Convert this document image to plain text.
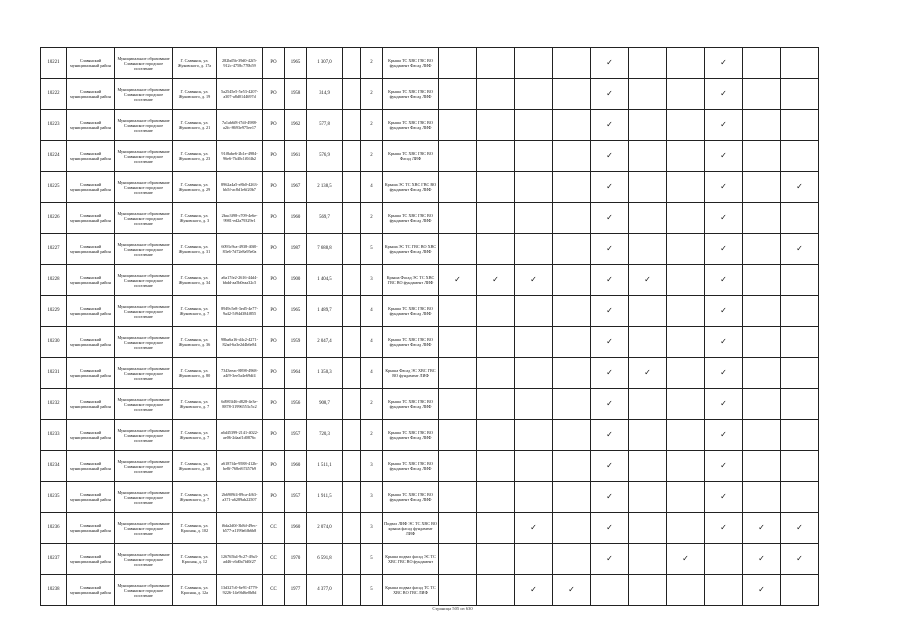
10221	Славянский муниципальный район	Муниципальное образование Славянское городское поселение	Г. Славянск, ул. Жуковского, д. 17а	282bd5b-39d0-42f5-912c-4758c770b59	РО	1965	1 307,0		2	Крыша ТС ХВС ГВС ВО фундамент Фасад ЛИФ					✓			✓		
10222	Славянский муниципальный район	Муниципальное образование Славянское городское поселение	Г. Славянск, ул. Жуковского, д. 19	5a2545e5-5e53-4207-a307-a8d0144697d	РО	1958	314,9		2	Крыша ТС ХВС ГВС ВО фундамент Фасад ЛИФ					✓			✓		
10223	Славянский муниципальный район	Муниципальное образование Славянское городское поселение	Г. Славянск, ул. Жуковского, д. 21	7a1ab6f8-f7df-4988-a2fc-8693e975ee17	РО	1962	577,8		2	Крыша ТС ХВС ГВС ВО фундамент Фасад ЛИФ					✓			✓		
10224	Славянский муниципальный район	Муниципальное образование Славянское городское поселение	Г. Славянск, ул. Жуковского, д. 23	91f8abe6-2b1e-4984-96e6-7b40c1f0f4b2	РО	1961	576,9		2	Крыша ТС ХВС ГВС ВО Фасад ЛИФ					✓			✓		
10225	Славянский муниципальный район	Муниципальное образование Славянское городское поселение	Г. Славянск, ул. Жуковского, д. 29	8962a4a5-e8b0-4263-bb5f-ac8d1e6f20b7	РО	1967	2 138,5		4	Крыша ЭС ТС ХВС ГВС ВО фундамент Фасад ЛИФ					✓			✓		✓
10226	Славянский муниципальный район	Муниципальное образование Славянское городское поселение	Г. Славянск, ул. Жуковского, д. 3	2bac3f98-c709-4e6e-9981-ed2a79329e1	РО	1960	569,7		2	Крыша ТС ХВС ГВС ВО фундамент Фасад ЛИФ					✓			✓		
10227	Славянский муниципальный район	Муниципальное образование Славянское городское поселение	Г. Славянск, ул. Жуковского, д. 31	6093c9ca-4938-40f0-83e6-7d72e8a95e0a	РО	1987	7 688,8		5	Крыша ЭС ТС ГВС ВО ХВС фундамент Фасад ЛИФ					✓			✓		✓
10228	Славянский муниципальный район	Муниципальное образование Славянское городское поселение	Г. Славянск, ул. Жуковского, д. 34	a6a17fe2-2616-44d4-bbdd-aa5b0eaa32c5	РО	1900	1 404,5		3	Крыша Фасад ЭС ТС ХВС ГВС ВО фундамент ЛИФ	✓	✓	✓		✓	✓		✓		
10229	Славянский муниципальный район	Муниципальное образование Славянское городское поселение	Г. Славянск, ул. Жуковского, д. 7	8949c5e8-3ed5-4e77-9a42-5f94d384f855	РО	1965	1 489,7		4	Крыша ТС ХВС ГВС ВО фундамент Фасад ЛИФ					✓			✓		
10230	Славянский муниципальный район	Муниципальное образование Славянское городское поселение	Г. Славянск, ул. Жуковского, д. 36	98ba6a16-d4c2-4271-82ad-6a3e2d4b6e84	РО	1959	2 047,4		4	Крыша ТС ХВС ГВС ВО фундамент Фасад ЛИФ					✓			✓		
10231	Славянский муниципальный район	Муниципальное образование Славянское городское поселение	Г. Славянск, ул. Жуковского, д. 80	7343eeac-8898-4968-a4f9-3ee5a4e69df4	РО	1964	1 350,3		4	Крыша Фасад ЭС ХВС ГВС ВО фундамент ЛИФ					✓	✓		✓		
10232	Славянский муниципальный район	Муниципальное образование Славянское городское поселение	Г. Славянск, ул. Жуковского, д. 7	6d983f46-d828-4e3e-8878-31996553c5c2	РО	1956	908,7		2	Крыша ТС ХВС ГВС ВО фундамент Фасад ЛИФ					✓			✓		
10233	Славянский муниципальный район	Муниципальное образование Славянское городское поселение	Г. Славянск, ул. Жуковского, д. 7	a6d45399-2141-4022-ae06-2daaf1d0876c	РО	1957	720,3		2	Крыша ТС ХВС ГВС ВО фундамент Фасад ЛИФ					✓			✓		
10234	Славянский муниципальный район	Муниципальное образование Славянское городское поселение	Г. Славянск, ул. Жуковского, д. 38	a6187f4e-9588-412b-be8f-768ef67457b9	РО	1960	1 511,1		3	Крыша ТС ХВС ГВС ВО фундамент Фасад ЛИФ					✓			✓		
10235	Славянский муниципальный район	Муниципальное образование Славянское городское поселение	Г. Славянск, ул. Жуковского, д. 7	2b6909f4-89ca-4f63-a371-a6289ab22507	РО	1957	1 911,5		3	Крыша ТС ХВС ГВС ВО фундамент Фасад ЛИФ					✓			✓		
10236	Славянский муниципальный район	Муниципальное образование Славянское городское поселение	Г. Славянск, ул. Красная, д. 102	f6da2d0f-3b8d-49ec-b577-a1199a6fb6b8	СС	1960	2 074,0		3	Подвал ЛИФ ЭС ТС ХВС ВО крыша фасад фундамент ЛИФ			✓		✓			✓	✓	✓
10237	Славянский муниципальный район	Муниципальное образование Славянское городское поселение	Г. Славянск, ул. Красная, д. 12	126765b4-9c27-49a3-ad46-c6d0a7fd0f27	СС	1970	6 591,8		5	Крыша подвал фасад ЭС ТС ХВС ГВС ВО фундамент					✓		✓		✓	✓
10238	Славянский муниципальный район	Муниципальное образование Славянское городское поселение	Г. Славянск, ул. Красная, д. 12а	13d327c0-6e91-4779-9226-14e9fd6e0b8d	СС	1977	4 377,0		5	Крыша подвал фасад ТС ТС ХВС ВО ГВС ЛИФ			✓	✓					✓	
Страница 505 из 630
